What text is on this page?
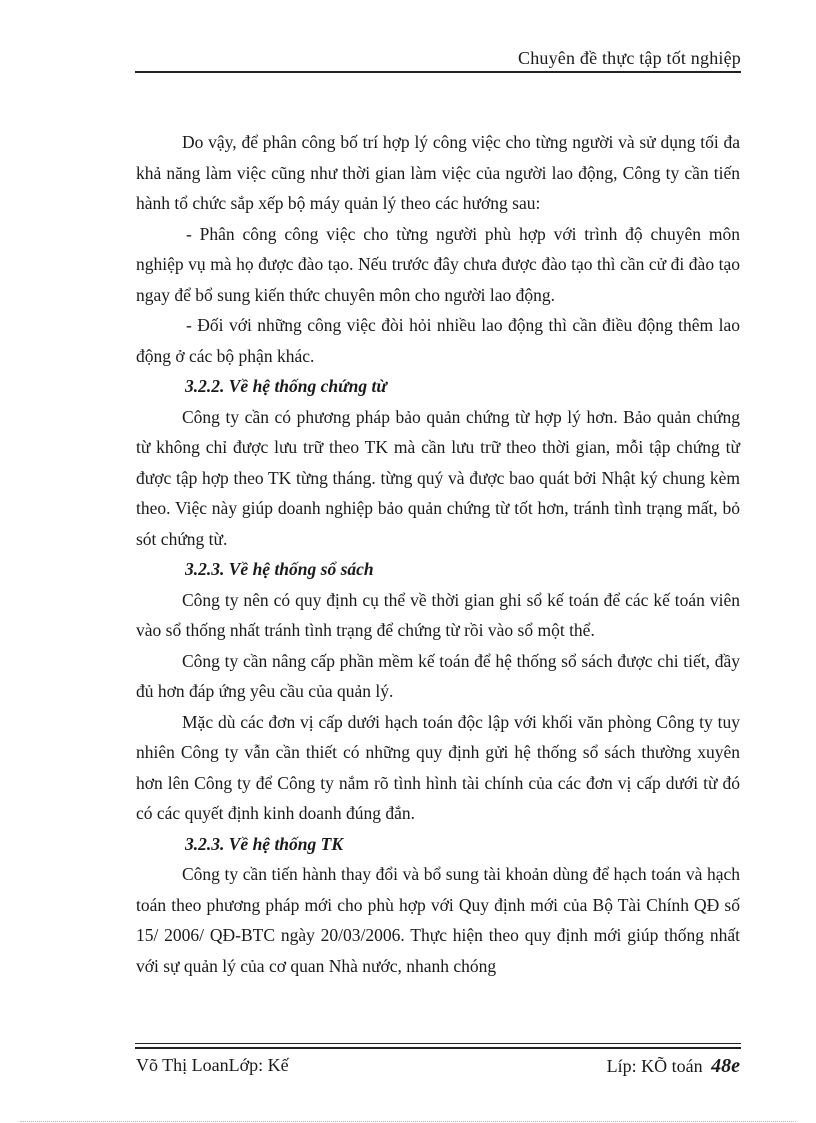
Chuyên đề thực tập tốt nghiệp

Do vậy, để phân công bố trí hợp lý công việc cho từng người và sử dụng tối đa khả năng làm việc cũng như thời gian làm việc của người lao động, Công ty cần tiến hành tổ chức sắp xếp bộ máy quản lý theo các hướng sau:

- Phân công công việc cho từng người phù hợp với trình độ chuyên môn nghiệp vụ mà họ được đào tạo. Nếu trước đây chưa được đào tạo thì cần cử đi đào tạo ngay để bổ sung kiến thức chuyên môn cho người lao động.

- Đối với những công việc đòi hỏi nhiều lao động thì cần điều động thêm lao động ở các bộ phận khác.

3.2.2. Về hệ thống chứng từ

Công ty cần có phương pháp bảo quản chứng từ hợp lý hơn. Bảo quản chứng từ không chỉ được lưu trữ theo TK mà cần lưu trữ theo thời gian, mỗi tập chứng từ được tập hợp theo TK từng tháng. từng quý và được bao quát bởi Nhật ký chung kèm theo. Việc này giúp doanh nghiệp bảo quản chứng từ tốt hơn, tránh tình trạng mất, bỏ sót chứng từ.

3.2.3. Về hệ thống sổ sách

Công ty nên có quy định cụ thể về thời gian ghi sổ kế toán để các kế toán viên vào sổ thống nhất tránh tình trạng để chứng từ rồi vào sổ một thể.

Công ty cần nâng cấp phần mềm kế toán để hệ thống sổ sách được chi tiết, đầy đủ hơn đáp ứng yêu cầu của quản lý.

Mặc dù các đơn vị cấp dưới hạch toán độc lập với khối văn phòng Công ty tuy nhiên Công ty vẫn cần thiết có những quy định gửi hệ thống sổ sách thường xuyên hơn lên Công ty để Công ty nắm rõ tình hình tài chính của các đơn vị cấp dưới từ đó có các quyết định kinh doanh đúng đắn.

3.2.3. Về hệ thống TK

Công ty cần tiến hành thay đổi và bổ sung tài khoản dùng để hạch toán và hạch toán theo phương pháp mới cho phù hợp với Quy định mới của Bộ Tài Chính QĐ số 15/ 2006/ QĐ-BTC ngày 20/03/2006. Thực hiện theo quy định mới giúp thống nhất với sự quản lý của cơ quan Nhà nước, nhanh chóng

Võ Thị LoanLớp: Kế	Líp: KÕ toán 48e
